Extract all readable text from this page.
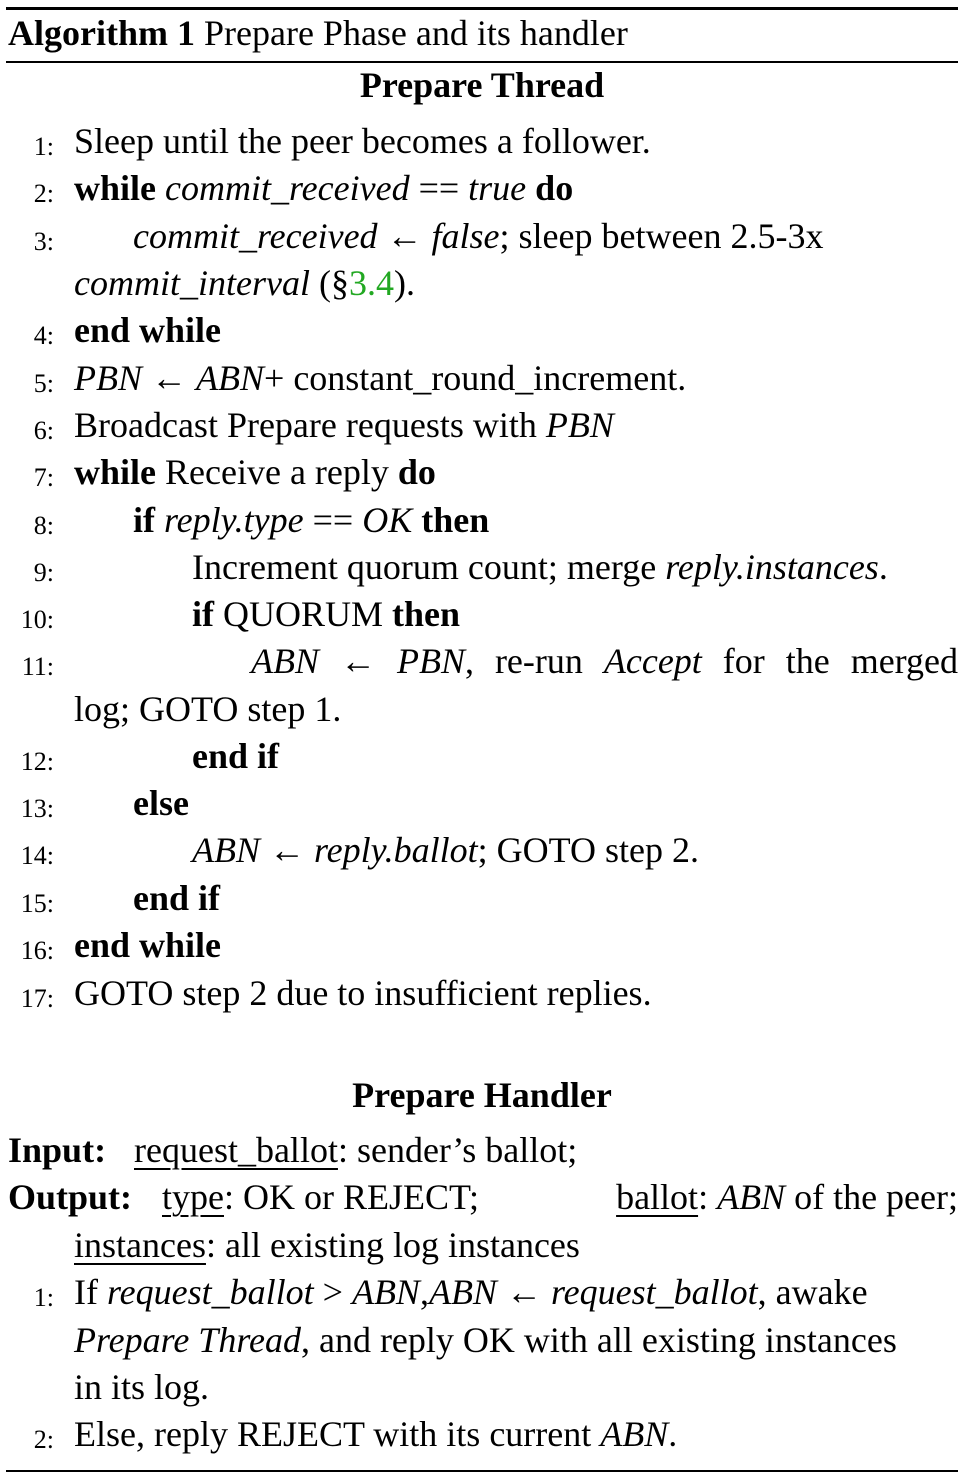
Algorithm 1 Prepare Phase and its handler
Prepare Thread
1: Sleep until the peer becomes a follower.
2: while commit_received == true do
3: commit_received ← false; sleep between 2.5-3x
commit_interval (§3.4).
4: end while
5: PBN ← ABN+ constant_round_increment.
6: Broadcast Prepare requests with PBN
7: while Receive a reply do
8: if reply.type == OK then
9:	Increment quorum count; merge reply.instances.
10:	if QUORUM then
11:	ABN ← PBN, re-run Accept for the merged
log; GOTO step 1.
12:	end if
13: else
14:	ABN ← reply.ballot; GOTO step 2.
15: end if
16: end while
17: GOTO step 2 due to insufficient replies.
Prepare Handler
Input: request_ballot: sender’s ballot;
Output: type: OK or REJECT;	ballot: ABN of the peer;
instances: all existing log instances
1: If request_ballot > ABN,ABN ← request_ballot, awake
Prepare Thread, and reply OK with all existing instances
in its log.
2: Else, reply REJECT with its current ABN.
